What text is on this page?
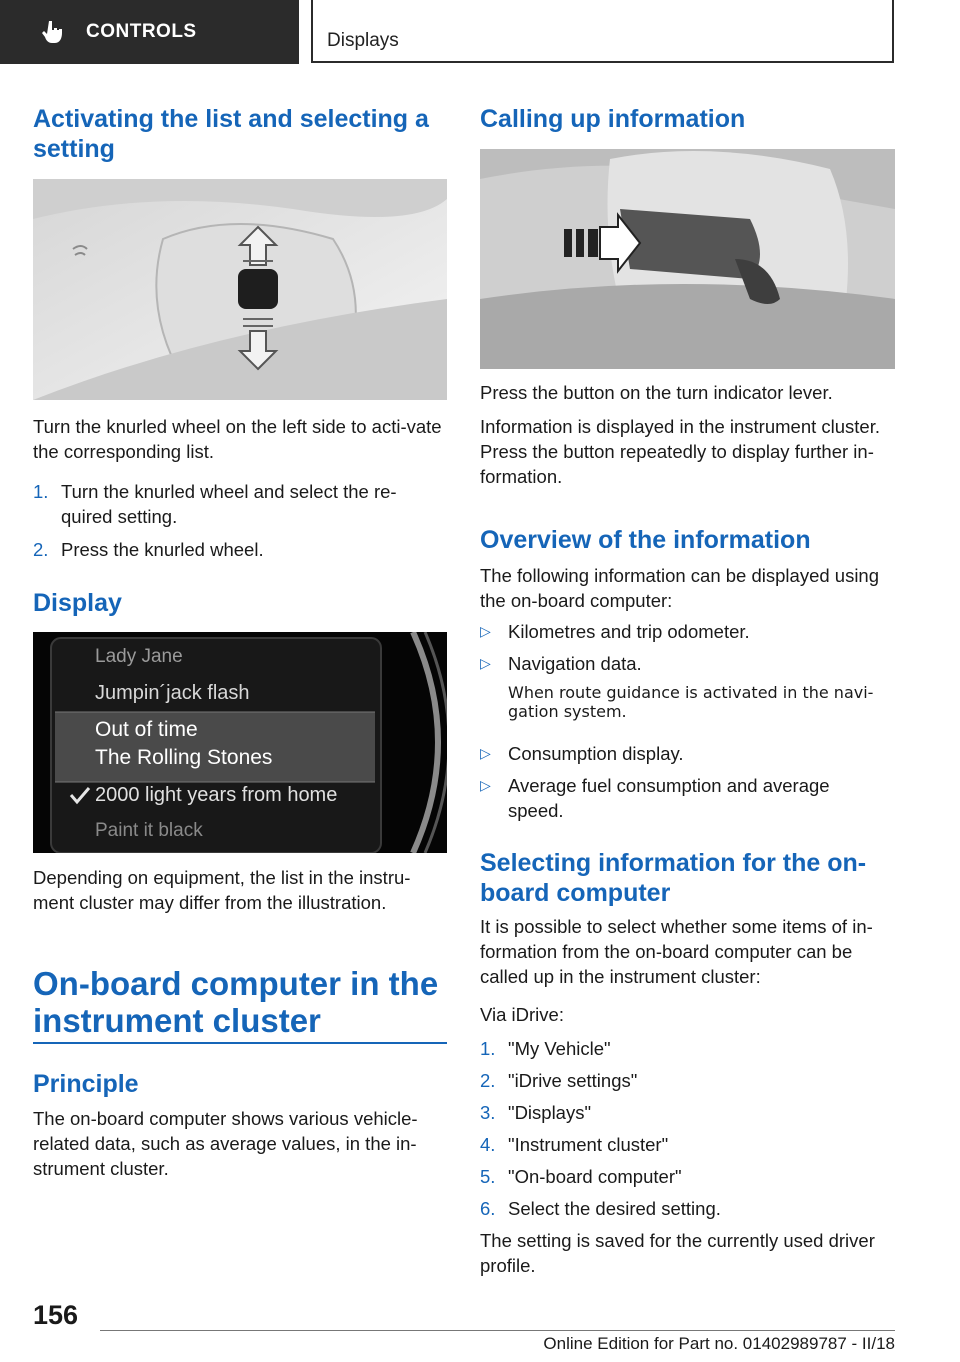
CONTROLS	Displays
Activating the list and selecting a setting

Turn the knurled wheel on the left side to acti-vate the corresponding list.

1. Turn the knurled wheel and select the re-quired setting.
2. Press the knurled wheel.
Display
Lady Jane
Jumpin´jack flash
Out of time
The Rolling Stones
2000 light years from home
Paint it black

Depending on equipment, the list in the instru-ment cluster may differ from the illustration.

On-board computer in the instrument cluster
Principle

The on-board computer shows various vehicle-related data, such as average values, in the in-strument cluster.

Calling up information

Press the button on the turn indicator lever.

Information is displayed in the instrument cluster. Press the button repeatedly to display further in-formation.

Overview of the information

The following information can be displayed using the on-board computer:

▷ Kilometres and trip odometer.
▷ Navigation data.
When route guidance is activated in the navi-gation system.
▷ Consumption display.
▷ Average fuel consumption and average speed.
Selecting information for the on-board computer

It is possible to select whether some items of in-formation from the on-board computer can be called up in the instrument cluster:

Via iDrive:

1. "My Vehicle"
2. "iDrive settings"
3. "Displays"
4. "Instrument cluster"
5. "On-board computer"
6. Select the desired setting.

The setting is saved for the currently used driver profile.

156
Online Edition for Part no. 01402989787 - II/18
